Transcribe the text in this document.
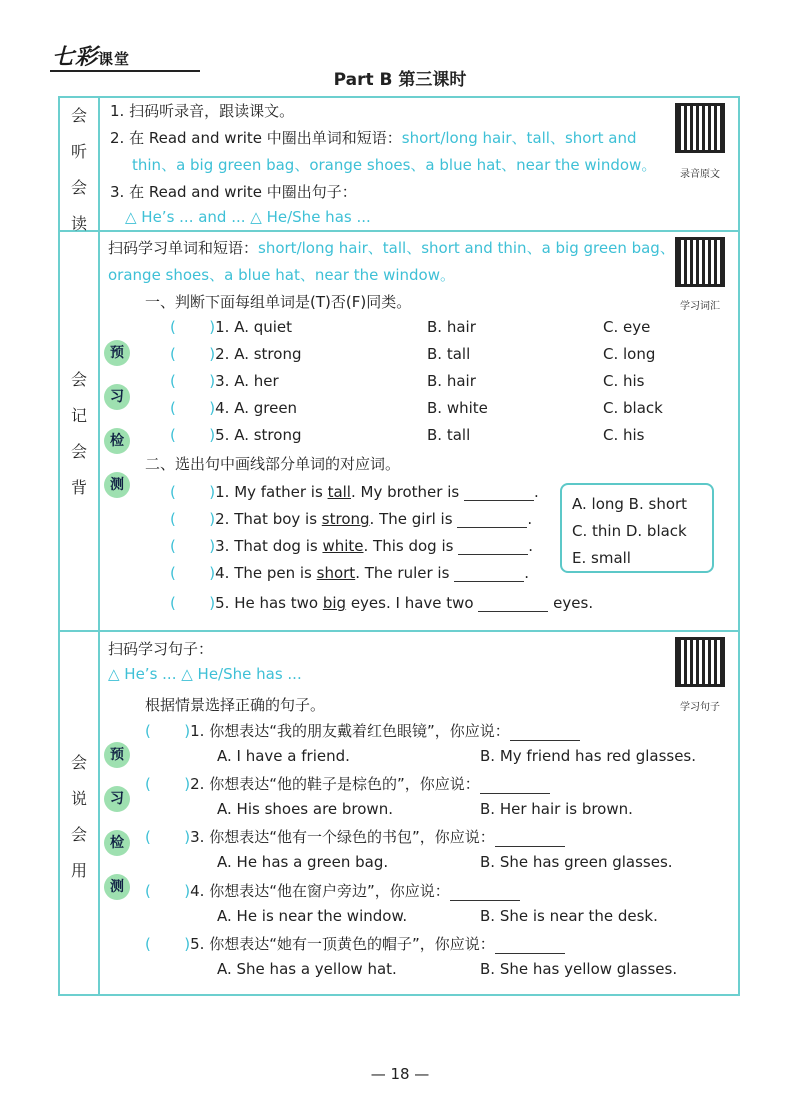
七彩课堂
Part B 第三课时
会
听
会
读
1. 扫码听录音，跟读课文。
2. 在 Read and write 中圈出单词和短语：short/long hair、tall、short and
thin、a big green bag、orange shoes、a blue hat、near the window。
3. 在 Read and write 中圈出句子：
△ He’s ... and ... △ He/She has ...
录音原文
会
记
会
背
扫码学习单词和短语：short/long hair、tall、short and thin、a big green bag、
orange shoes、a blue hat、near the window。
学习词汇
一、判断下面每组单词是(T)否(F)同类。
预
习
检
测
( )1. A. quiet	B. hair	C. eye
( )2. A. strong	B. tall	C. long
( )3. A. her	B. hair	C. his
( )4. A. green	B. white	C. black
( )5. A. strong	B. tall	C. his
二、选出句中画线部分单词的对应词。
( )1. My father is tall. My brother is	.
( )2. That boy is strong. The girl is	.
( )3. That dog is white. This dog is	.
( )4. The pen is short. The ruler is	.
( )5. He has two big eyes. I have two	eyes.
A. long B. short
C. thin D. black
E. small
会
说
会
用
扫码学习句子：
△ He’s ... △ He/She has ...
学习句子
根据情景选择正确的句子。
预
习
检
测
( )1. 你想表达“我的朋友戴着红色眼镜”，你应说：
A. I have a friend.	B. My friend has red glasses.
( )2. 你想表达“他的鞋子是棕色的”，你应说：
A. His shoes are brown.	B. Her hair is brown.
( )3. 你想表达“他有一个绿色的书包”，你应说：
A. He has a green bag.	B. She has green glasses.
( )4. 你想表达“他在窗户旁边”，你应说：
A. He is near the window.	B. She is near the desk.
( )5. 你想表达“她有一顶黄色的帽子”，你应说：
A. She has a yellow hat.	B. She has yellow glasses.
— 18 —
